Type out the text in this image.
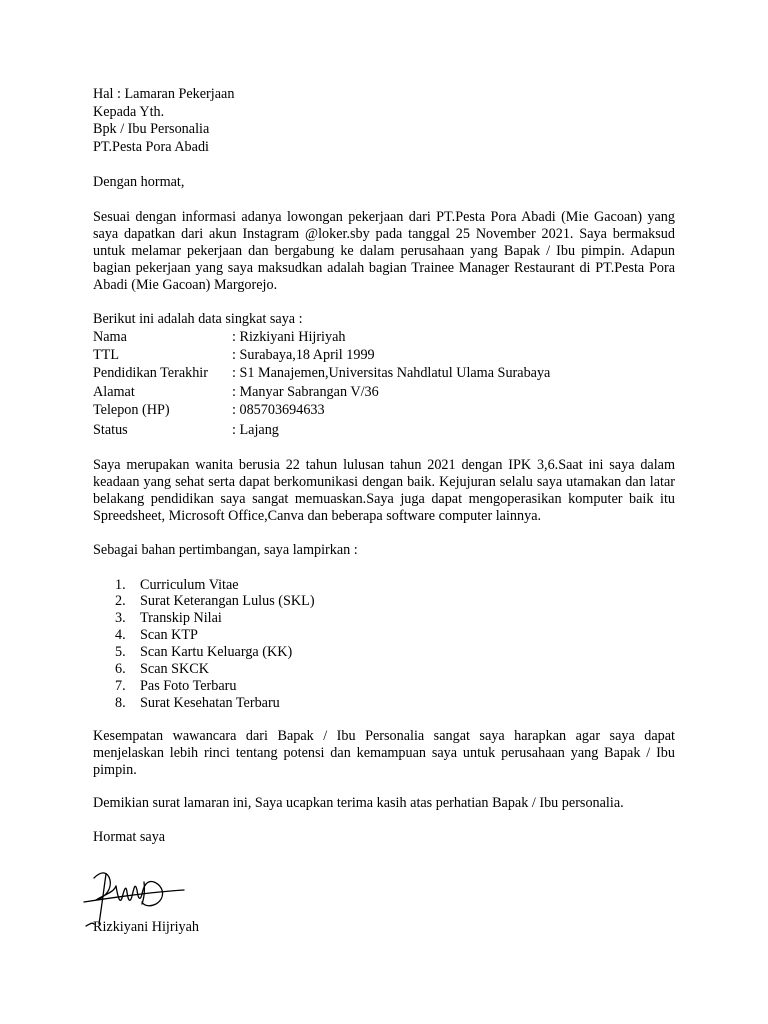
Hal : Lamaran Pekerjaan
Kepada Yth.
Bpk / Ibu Personalia
PT.Pesta Pora Abadi
Dengan hormat,

Sesuai dengan informasi adanya lowongan pekerjaan dari PT.Pesta Pora Abadi (Mie Gacoan) yang saya dapatkan dari akun Instagram @loker.sby pada tanggal 25 November 2021. Saya bermaksud untuk melamar pekerjaan dan bergabung ke dalam perusahaan yang Bapak / Ibu pimpin. Adapun bagian pekerjaan yang saya maksudkan adalah bagian Trainee Manager Restaurant di PT.Pesta Pora Abadi (Mie Gacoan) Margorejo.

Berikut ini adalah data singkat saya :
Nama	: Rizkiyani Hijriyah
TTL	: Surabaya,18 April 1999
Pendidikan Terakhir	: S1 Manajemen,Universitas Nahdlatul Ulama Surabaya
Alamat	: Manyar Sabrangan V/36
Telepon (HP)	: 085703694633
Status	: Lajang

Saya merupakan wanita berusia 22 tahun lulusan tahun 2021 dengan IPK 3,6.Saat ini saya dalam keadaan yang sehat serta dapat berkomunikasi dengan baik. Kejujuran selalu saya utamakan dan latar belakang pendidikan saya sangat memuaskan.Saya juga dapat mengoperasikan komputer baik itu Spreedsheet, Microsoft Office,Canva dan beberapa software computer lainnya.

Sebagai bahan pertimbangan, saya lampirkan :
1. Curriculum Vitae
2. Surat Keterangan Lulus (SKL)
3. Transkip Nilai
4. Scan KTP
5. Scan Kartu Keluarga (KK)
6. Scan SKCK
7. Pas Foto Terbaru
8. Surat Kesehatan Terbaru

Kesempatan wawancara dari Bapak / Ibu Personalia sangat saya harapkan agar saya dapat menjelaskan lebih rinci tentang potensi dan kemampuan saya untuk perusahaan yang Bapak / Ibu pimpin.

Demikian surat lamaran ini, Saya ucapkan terima kasih atas perhatian Bapak / Ibu personalia.

Hormat saya
Rizkiyani Hijriyah
